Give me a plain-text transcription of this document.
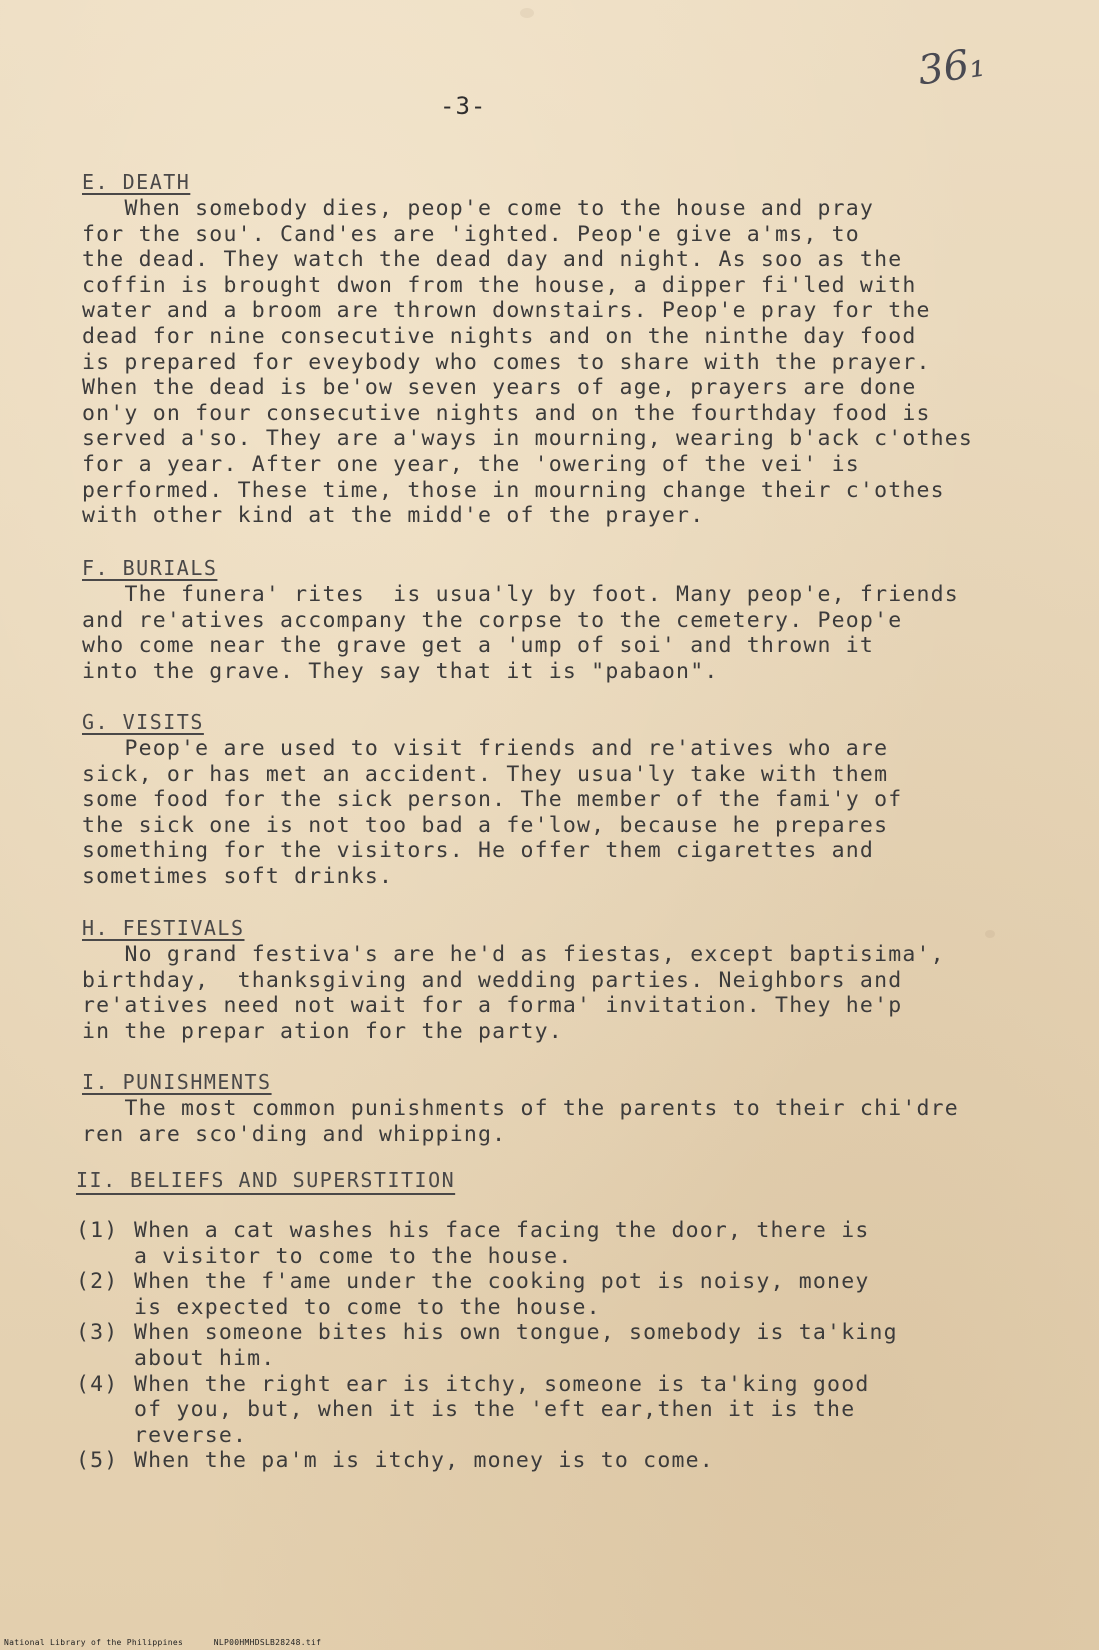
-3-
36₁
E. DEATH
When somebody dies, peop'e come to the house and pray
for the sou'. Cand'es are 'ighted. Peop'e give a'ms, to
the dead. They watch the dead day and night. As soo as the
coffin is brought dwon from the house, a dipper fi'led with
water and a broom are thrown downstairs. Peop'e pray for the
dead for nine consecutive nights and on the ninthe day food
is prepared for eveybody who comes to share with the prayer.
When the dead is be'ow seven years of age, prayers are done
on'y on four consecutive nights and on the fourthday food is
served a'so. They are a'ways in mourning, wearing b'ack c'othes
for a year. After one year, the 'owering of the vei' is
performed. These time, those in mourning change their c'othes
with other kind at the midd'e of the prayer.
F. BURIALS
The funera' rites  is usua'ly by foot. Many peop'e, friends
and re'atives accompany the corpse to the cemetery. Peop'e
who come near the grave get a 'ump of soi' and thrown it
into the grave. They say that it is "pabaon".
G. VISITS
Peop'e are used to visit friends and re'atives who are
sick, or has met an accident. They usua'ly take with them
some food for the sick person. The member of the fami'y of
the sick one is not too bad a fe'low, because he prepares
something for the visitors. He offer them cigarettes and
sometimes soft drinks.
H. FESTIVALS
No grand festiva's are he'd as fiestas, except baptisima',
birthday,  thanksgiving and wedding parties. Neighbors and
re'atives need not wait for a forma' invitation. They he'p
in the prepar ation for the party.
I. PUNISHMENTS
The most common punishments of the parents to their chi'dre
ren are sco'ding and whipping.
II. BELIEFS AND SUPERSTITION
(1) When a cat washes his face facing the door, there is
a visitor to come to the house.
(2) When the f'ame under the cooking pot is noisy, money
is expected to come to the house.
(3) When someone bites his own tongue, somebody is ta'king
about him.
(4) When the right ear is itchy, someone is ta'king good
of you, but, when it is the 'eft ear,then it is the
reverse.
(5) When the pa'm is itchy, money is to come.
National Library of the Philippines	NLP00HMHDSLB28248.tif
